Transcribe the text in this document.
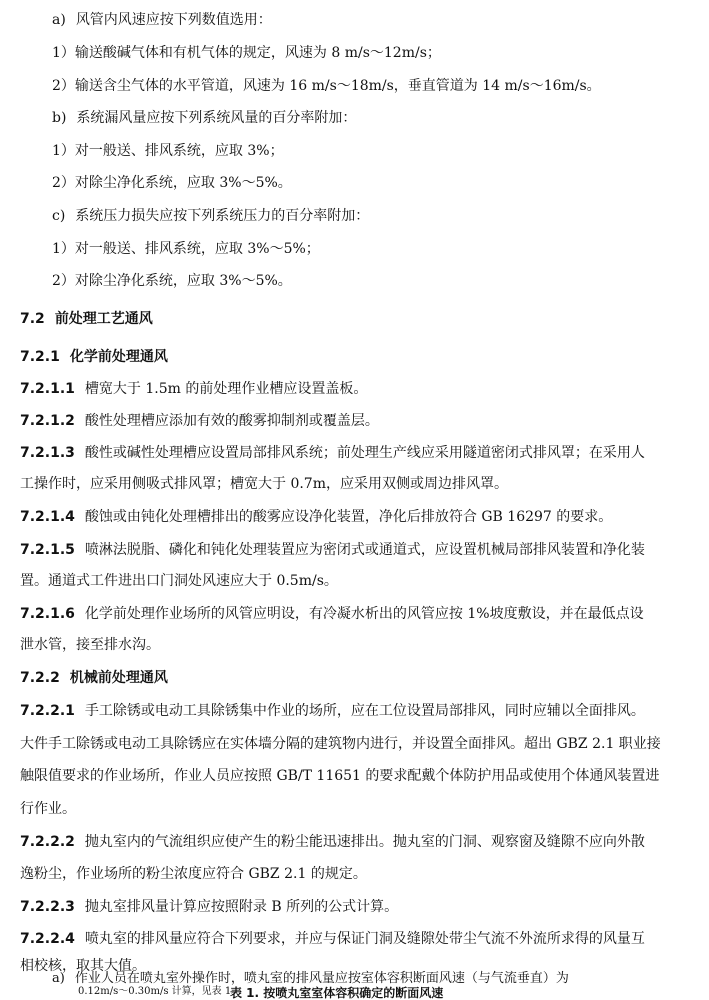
a) 风管内风速应按下列数值选用：
1）输送酸碱气体和有机气体的规定，风速为 8 m/s～12m/s；
2）输送含尘气体的水平管道，风速为 16 m/s～18m/s，垂直管道为 14 m/s～16m/s。
b) 系统漏风量应按下列系统风量的百分率附加：
1）对一般送、排风系统，应取 3%；
2）对除尘净化系统，应取 3%～5%。
c) 系统压力损失应按下列系统压力的百分率附加：
1）对一般送、排风系统，应取 3%～5%；
2）对除尘净化系统，应取 3%～5%。
7.2 前处理工艺通风
7.2.1 化学前处理通风
7.2.1.1 槽宽大于 1.5m 的前处理作业槽应设置盖板。
7.2.1.2 酸性处理槽应添加有效的酸雾抑制剂或覆盖层。
7.2.1.3 酸性或碱性处理槽应设置局部排风系统；前处理生产线应采用隧道密闭式排风罩；在采用人
工操作时，应采用侧吸式排风罩；槽宽大于 0.7m，应采用双侧或周边排风罩。
7.2.1.4 酸蚀或由钝化处理槽排出的酸雾应设净化装置，净化后排放符合 GB 16297 的要求。
7.2.1.5 喷淋法脱脂、磷化和钝化处理装置应为密闭式或通道式，应设置机械局部排风装置和净化装
置。通道式工件进出口门洞处风速应大于 0.5m/s。
7.2.1.6 化学前处理作业场所的风管应明设，有冷凝水析出的风管应按 1%坡度敷设，并在最低点设
泄水管，接至排水沟。
7.2.2 机械前处理通风
7.2.2.1 手工除锈或电动工具除锈集中作业的场所，应在工位设置局部排风，同时应辅以全面排风。
大件手工除锈或电动工具除锈应在实体墙分隔的建筑物内进行，并设置全面排风。超出 GBZ 2.1 职业接
触限值要求的作业场所，作业人员应按照 GB/T 11651 的要求配戴个体防护用品或使用个体通风装置进
行作业。
7.2.2.2 抛丸室内的气流组织应使产生的粉尘能迅速排出。抛丸室的门洞、观察窗及缝隙不应向外散
逸粉尘，作业场所的粉尘浓度应符合 GBZ 2.1 的规定。
7.2.2.3 抛丸室排风量计算应按照附录 B 所列的公式计算。
7.2.2.4 喷丸室的排风量应符合下列要求，并应与保证门洞及缝隙处带尘气流不外流所求得的风量互
相校核，取其大值。
a) 作业人员在喷丸室外操作时，喷丸室的排风量应按室体容积断面风速（与气流垂直）为
0.12m/s～0.30m/s 计算，见表 1。
表 1. 按喷丸室室体容积确定的断面风速
